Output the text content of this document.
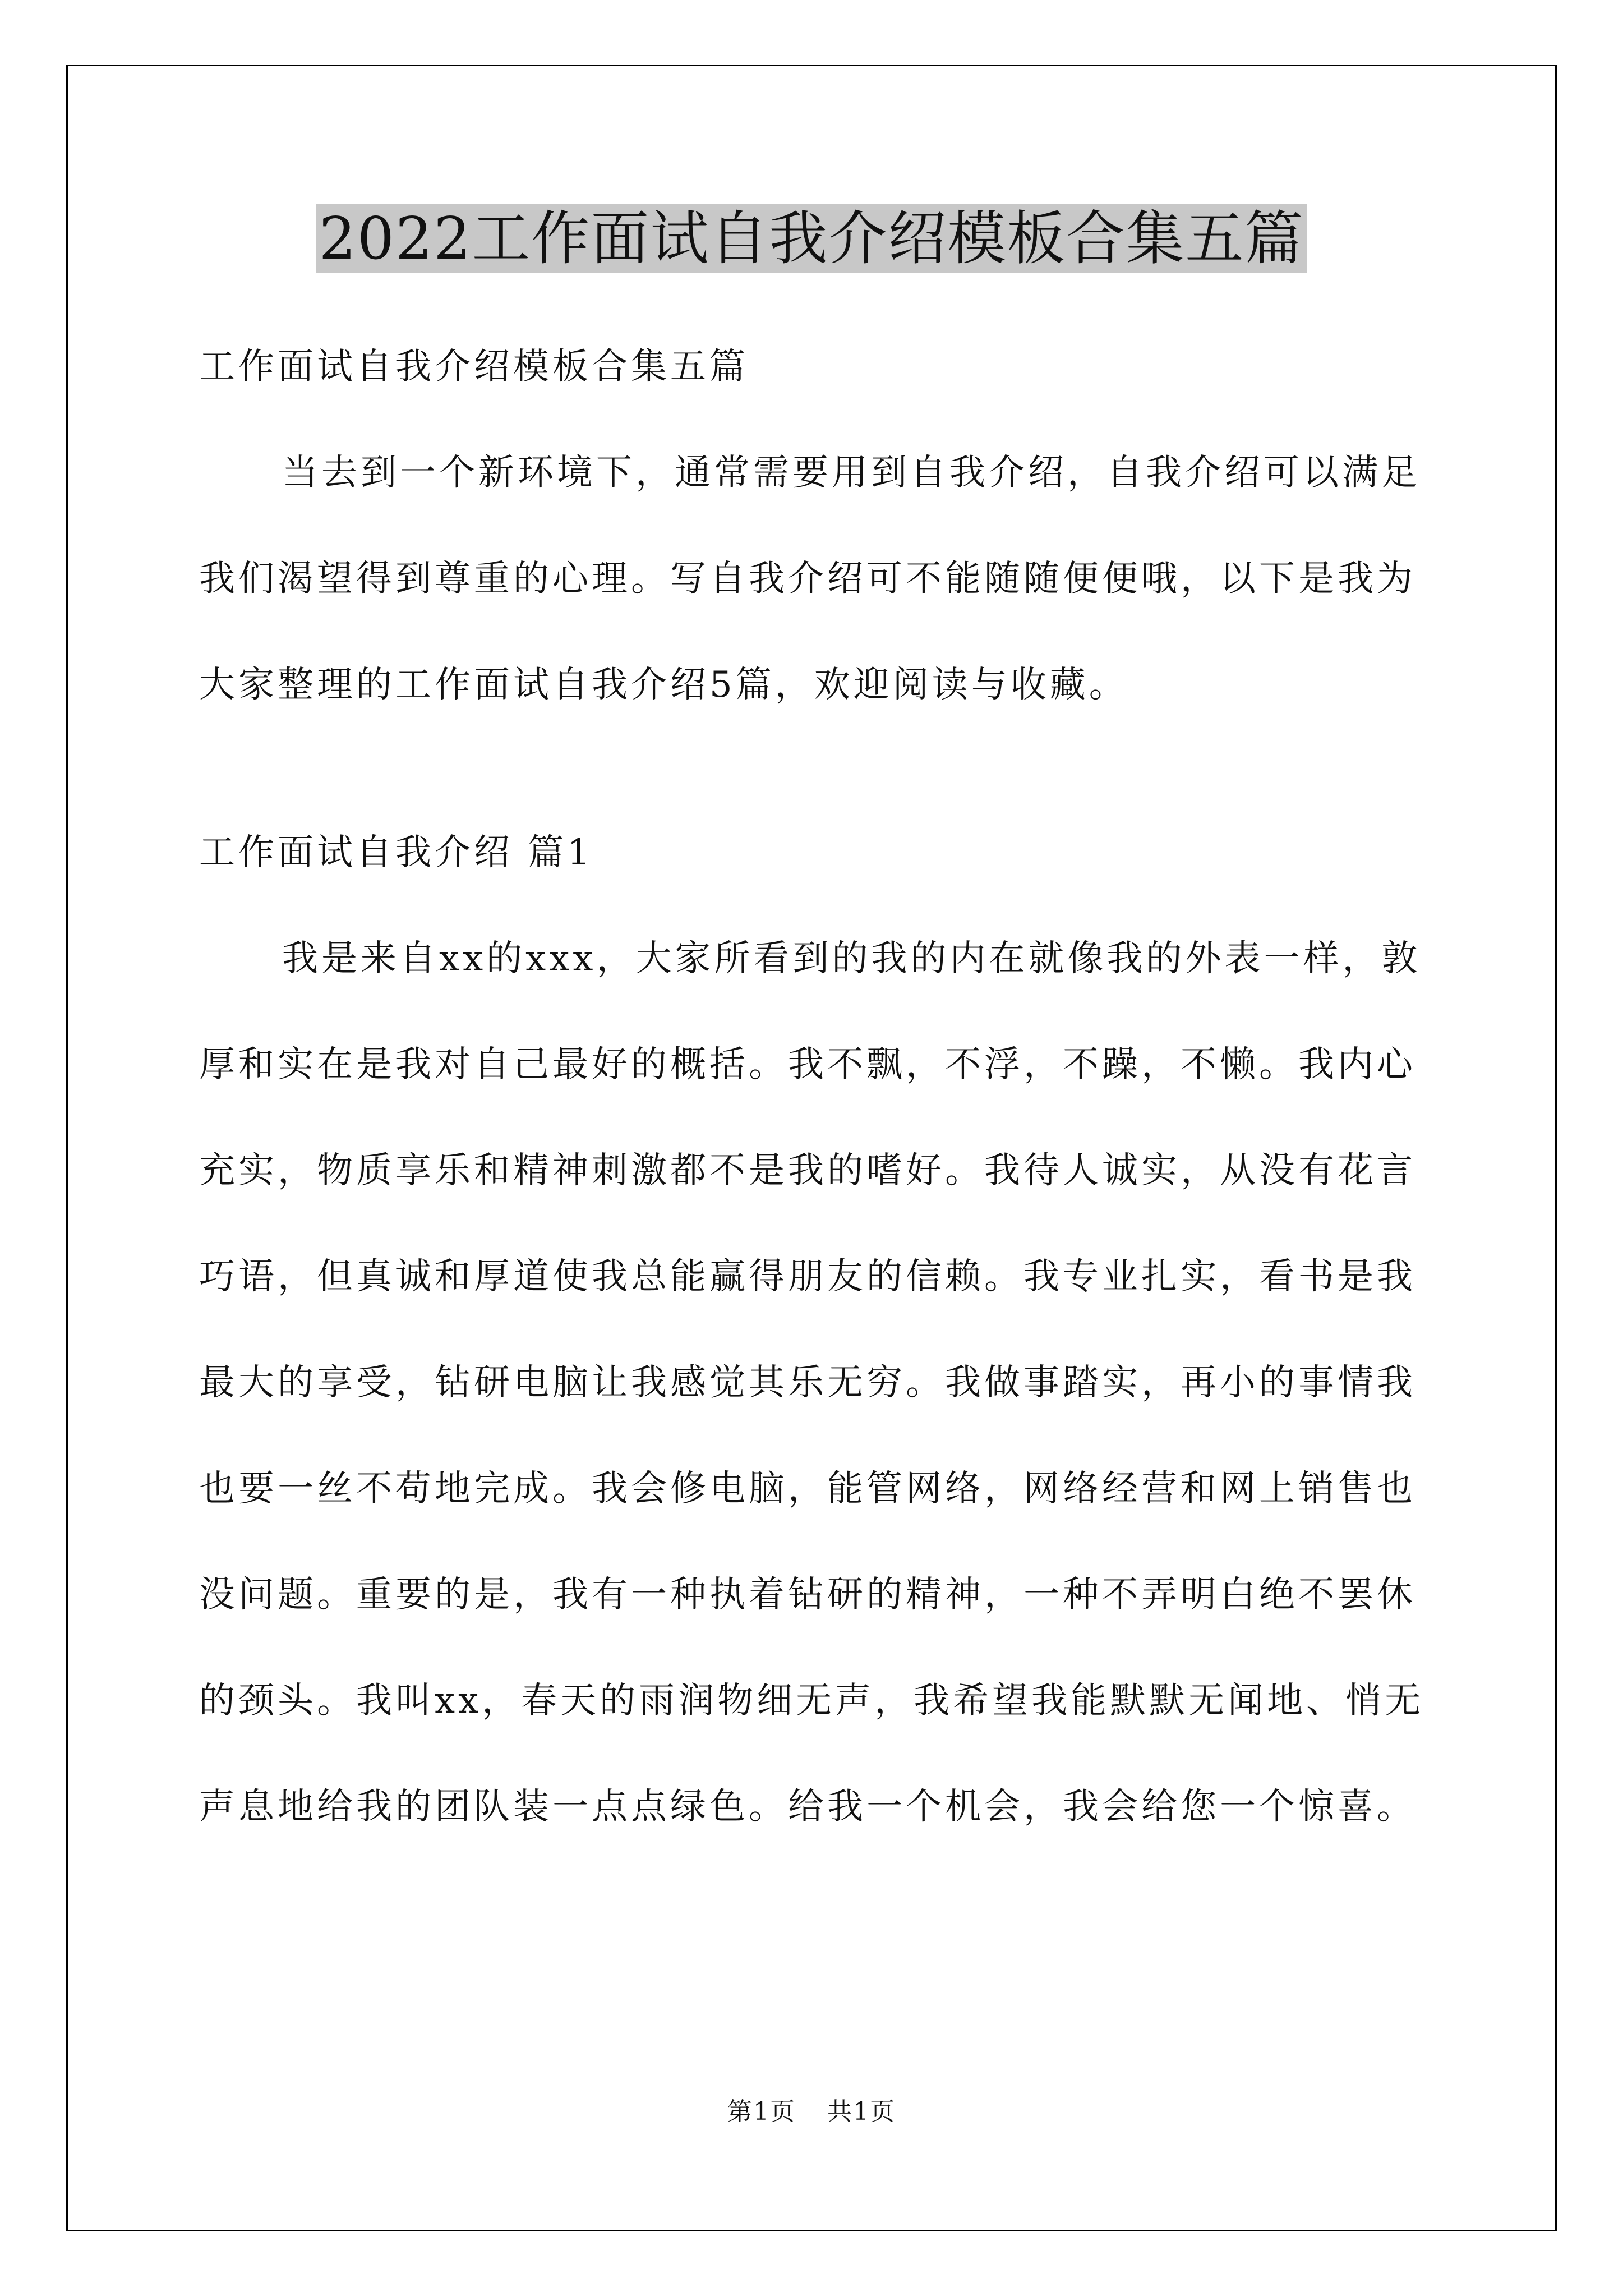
2022工作面试自我介绍模板合集五篇

工作面试自我介绍模板合集五篇

当去到一个新环境下，通常需要用到自我介绍，自我介绍可以满足我们渴望得到尊重的心理。写自我介绍可不能随随便便哦，以下是我为大家整理的工作面试自我介绍5篇，欢迎阅读与收藏。

工作面试自我介绍 篇1

我是来自xx的xxx，大家所看到的我的内在就像我的外表一样，敦厚和实在是我对自己最好的概括。我不飘，不浮，不躁，不懒。我内心充实，物质享乐和精神刺激都不是我的嗜好。我待人诚实，从没有花言巧语，但真诚和厚道使我总能赢得朋友的信赖。我专业扎实，看书是我最大的享受，钻研电脑让我感觉其乐无穷。我做事踏实，再小的事情我也要一丝不苟地完成。我会修电脑，能管网络，网络经营和网上销售也没问题。重要的是，我有一种执着钻研的精神，一种不弄明白绝不罢休的颈头。我叫xx，春天的雨润物细无声，我希望我能默默无闻地、悄无声息地给我的团队装一点点绿色。给我一个机会，我会给您一个惊喜。

第1页 共1页
